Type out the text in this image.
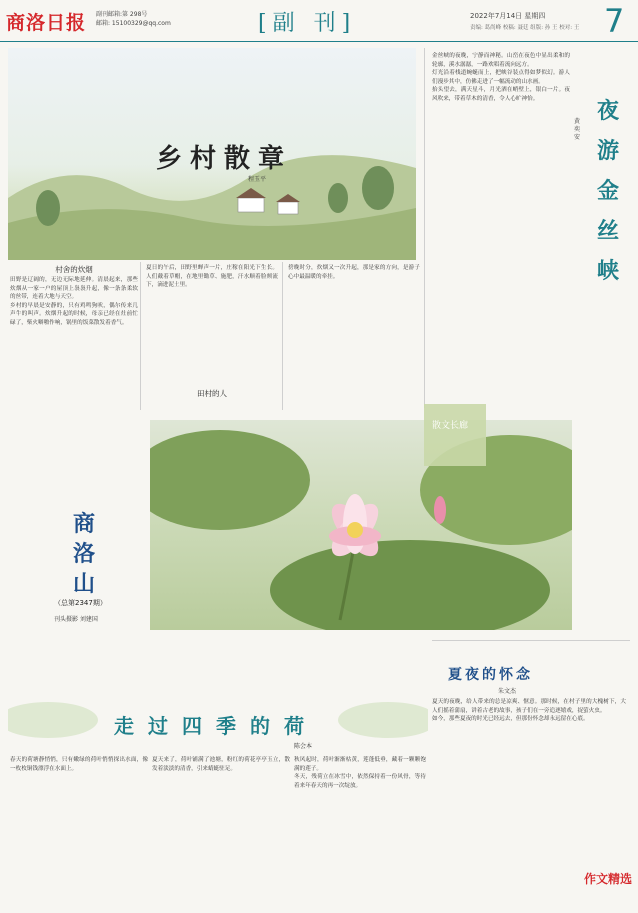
商洛日报 副刊邮箱:第 298号
邮箱: 15100329@qq.com	[副 刊]	2022年7月14日 星期四
责编: 葛尚峰 校稿: 聂廷 组版: 孙 王 校对: 王 7
乡村散章
程玉平
村舍的炊烟

田野是辽阔的，无边无际地延伸。清晨起来，那些炊烟从一家一户的屋顶上袅袅升起，像一条条柔软的丝带，连着大地与天空。

乡村的早晨是安静的，只有鸡鸣狗吠，偶尔传来几声牛的叫声。炊烟升起的时候，母亲已经在灶前忙碌了，柴火噼啪作响，锅里的饭菜散发着香气。

夏日的午后，田野里蝉声一片，庄稼在阳光下生长。人们戴着草帽，在地里锄草、施肥，汗水顺着脸颊流下，滴进泥土里。

田村的人

傍晚时分，炊烟又一次升起，那是家的方向，是游子心中最温暖的牵挂。

金丝峡的夜晚，宁静而神秘。山峦在夜色中显出柔和的轮廓，溪水潺潺，一路欢唱着流向远方。

灯光沿着栈道蜿蜒而上，把峡谷装点得如梦似幻。游人们漫步其中，仿佛走进了一幅流动的山水画。

抬头望去，满天星斗，月光洒在峭壁上，银白一片。夜风吹来，带着草木的清香，令人心旷神怡。

黄奕安
夜游金丝峡
商洛山
（总第2347期）
刊头摄影 刘建国
散文长廊
夏夜的怀念
朱文杰

夏天的夜晚，给人带来的总是凉爽、惬意。那时候，在村子里的大槐树下，大人们摇着蒲扇，讲着古老的故事，孩子们在一旁追逐嬉戏，捉萤火虫。

如今，那些夏夜的时光已经远去，但那份怀念却永远留在心底。

走过四季的荷
陈会本

春天的荷塘静悄悄，只有嫩绿的荷叶悄悄探出水面，像一枚枚铜钱漂浮在水面上。

夏天来了，荷叶铺满了池塘，粉红的荷花亭亭玉立，散发着淡淡的清香，引来蜻蜓驻足。

秋风起时，荷叶渐渐枯黄，莲蓬低垂，藏着一颗颗饱满的莲子。

冬天，残荷立在冰雪中，依然保持着一份风骨，等待着来年春天的再一次绽放。

作文精选
